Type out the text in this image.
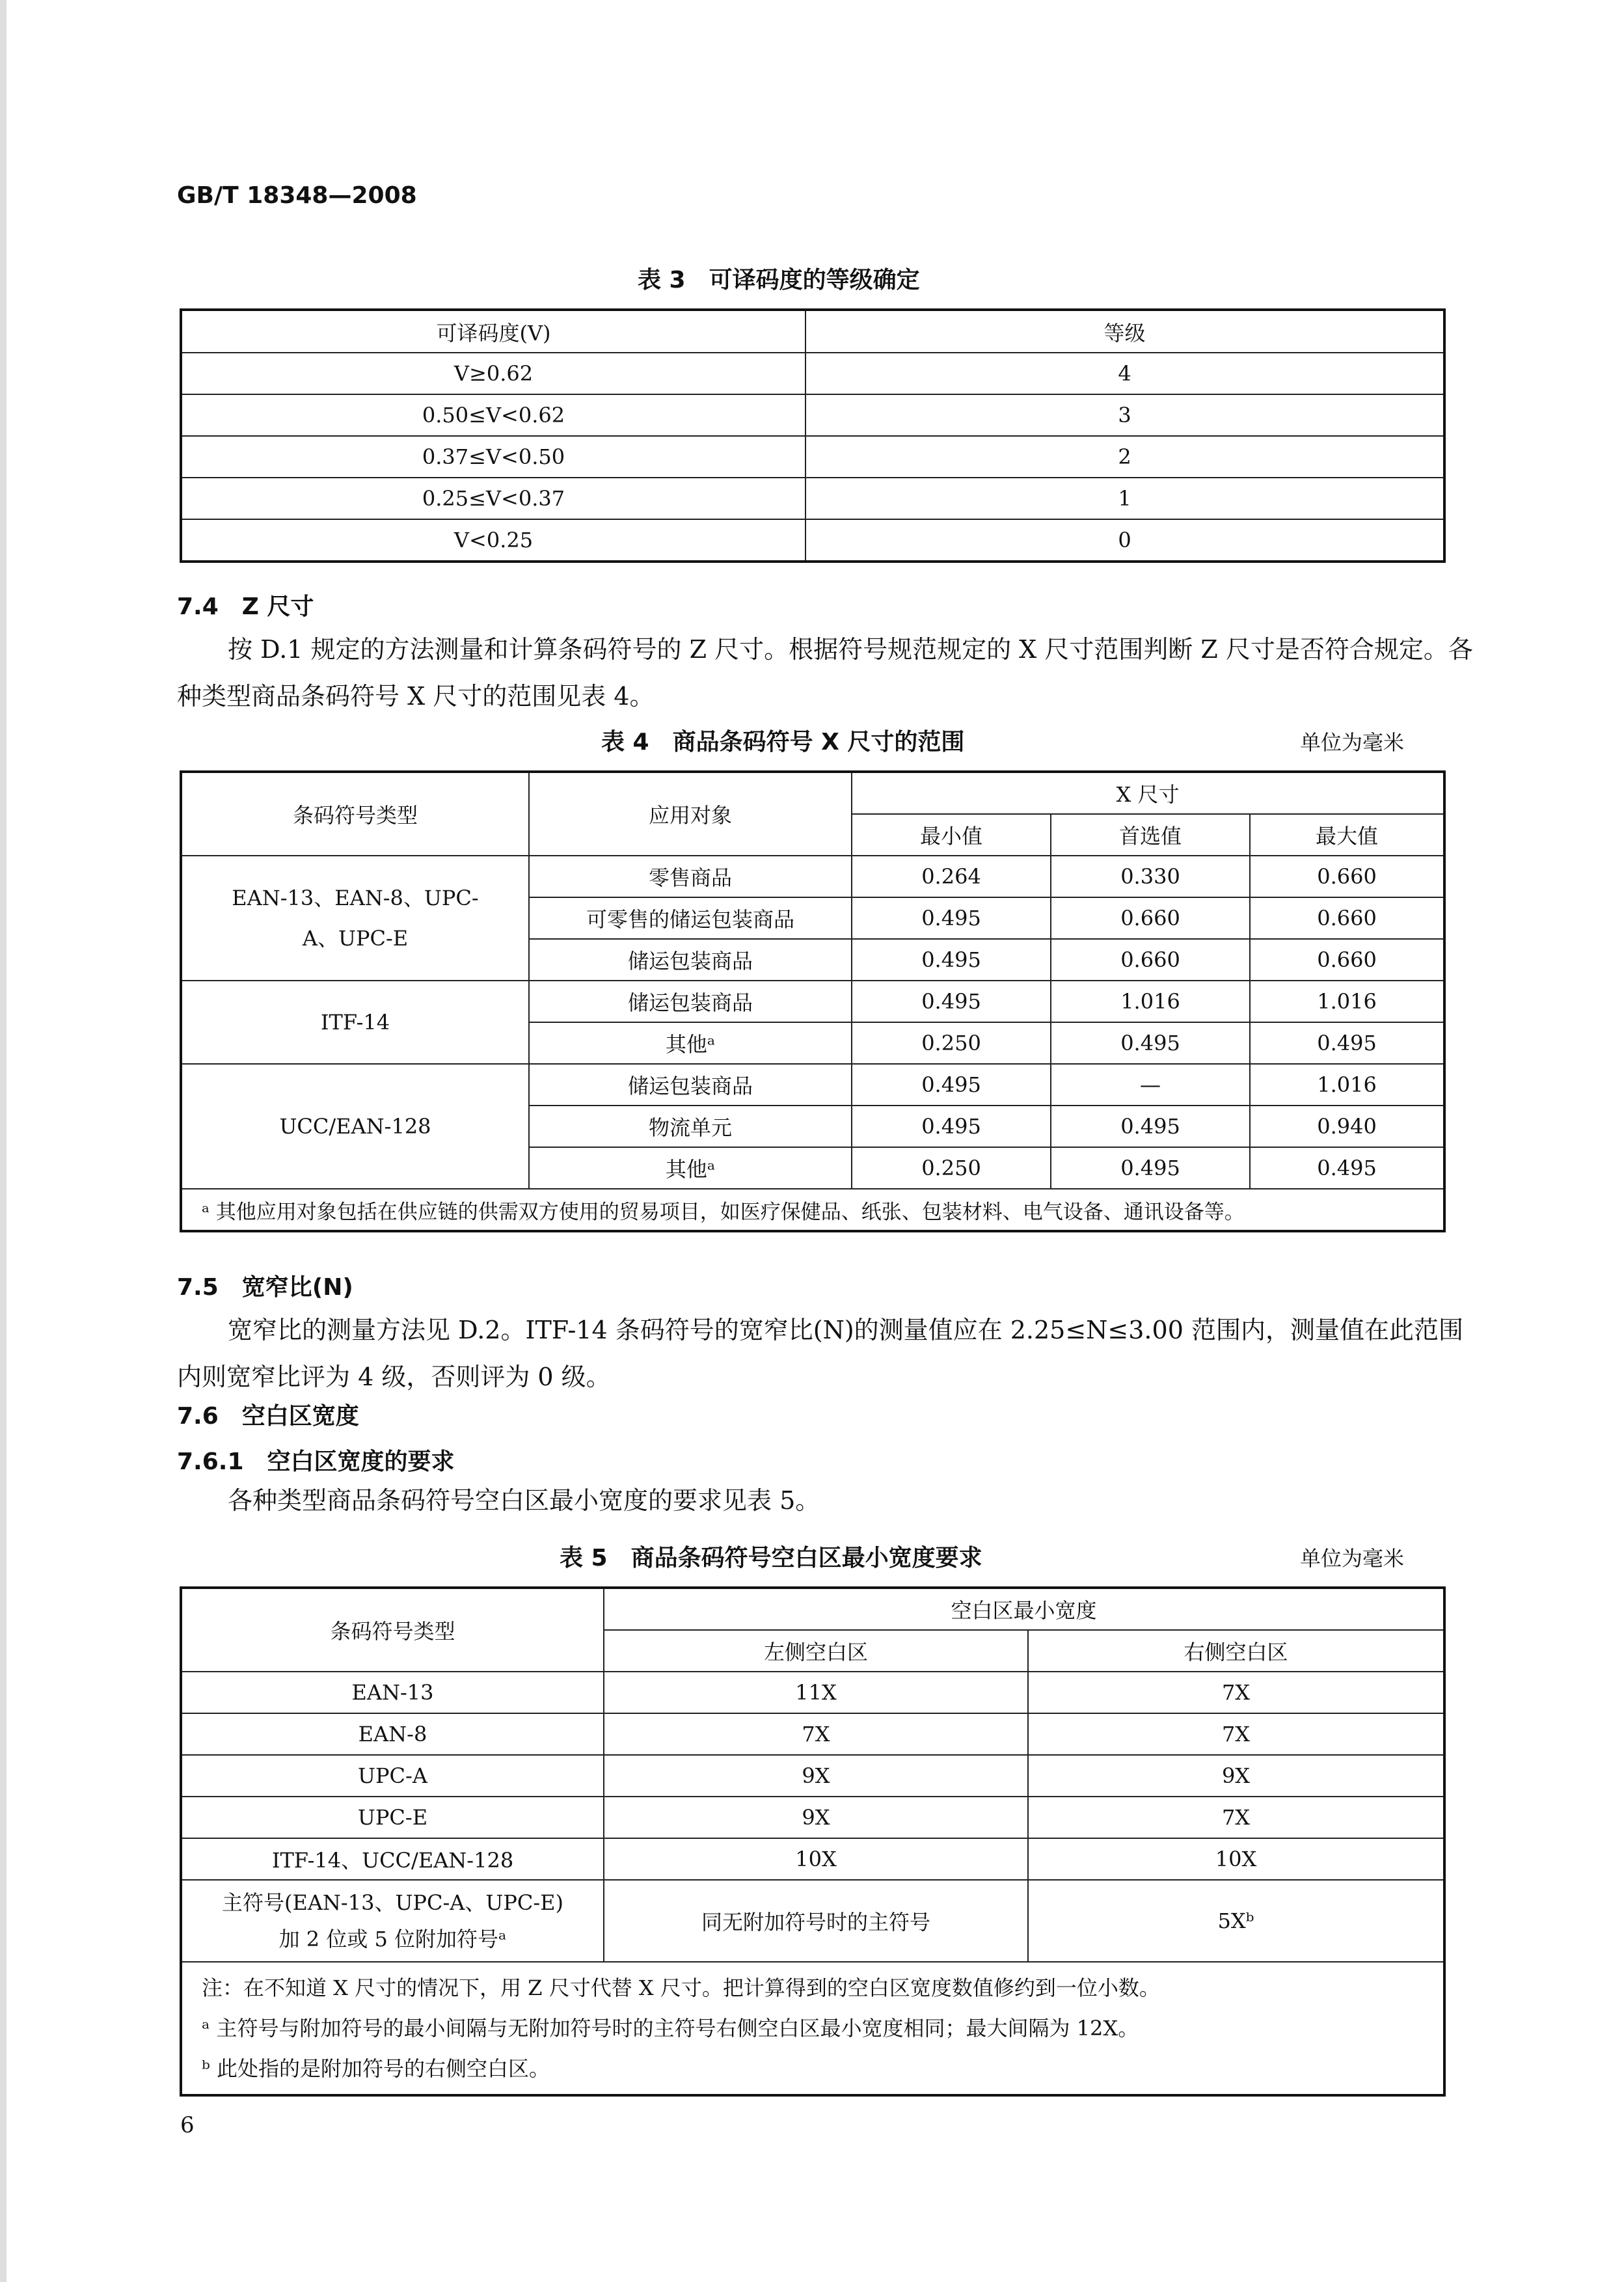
GB/T 18348—2008
表 3　可译码度的等级确定
可译码度(V)	等级
V≥0.62	4
0.50≤V<0.62	3
0.37≤V<0.50	2
0.25≤V<0.37	1
V<0.25	0
7.4　Z 尺寸
按 D.1 规定的方法测量和计算条码符号的 Z 尺寸。根据符号规范规定的 X 尺寸范围判断 Z 尺寸是否符合规定。各种类型商品条码符号 X 尺寸的范围见表 4。
表 4　商品条码符号 X 尺寸的范围	单位为毫米
条码符号类型	应用对象	X 尺寸		
		最小值	首选值	最大值
EAN-13、EAN-8、UPC-A、UPC-E	零售商品	0.264	0.330	0.660
	可零售的储运包装商品	0.495	0.660	0.660
	储运包装商品	0.495	0.660	0.660
ITF-14	储运包装商品	0.495	1.016	1.016
	其他ᵃ	0.250	0.495	0.495
UCC/EAN-128	储运包装商品	0.495	—	1.016
	物流单元	0.495	0.495	0.940
	其他ᵃ	0.250	0.495	0.495
ᵃ 其他应用对象包括在供应链的供需双方使用的贸易项目，如医疗保健品、纸张、包装材料、电气设备、通讯设备等。				
7.5　宽窄比(N)
宽窄比的测量方法见 D.2。ITF-14 条码符号的宽窄比(N)的测量值应在 2.25≤N≤3.00 范围内，测量值在此范围内则宽窄比评为 4 级，否则评为 0 级。
7.6　空白区宽度
7.6.1　空白区宽度的要求
各种类型商品条码符号空白区最小宽度的要求见表 5。
表 5　商品条码符号空白区最小宽度要求	单位为毫米
条码符号类型	空白区最小宽度	
	左侧空白区	右侧空白区
EAN-13	11X	7X
EAN-8	7X	7X
UPC-A	9X	9X
UPC-E	9X	7X
ITF-14、UCC/EAN-128	10X	10X

主符号(EAN-13、UPC-A、UPC-E)
加 2 位或 5 位附加符号ᵃ	同无附加符号时的主符号	5Xᵇ

注：在不知道 X 尺寸的情况下，用 Z 尺寸代替 X 尺寸。把计算得到的空白区宽度数值修约到一位小数。
ᵃ 主符号与附加符号的最小间隔与无附加符号时的主符号右侧空白区最小宽度相同；最大间隔为 12X。
ᵇ 此处指的是附加符号的右侧空白区。		
6
